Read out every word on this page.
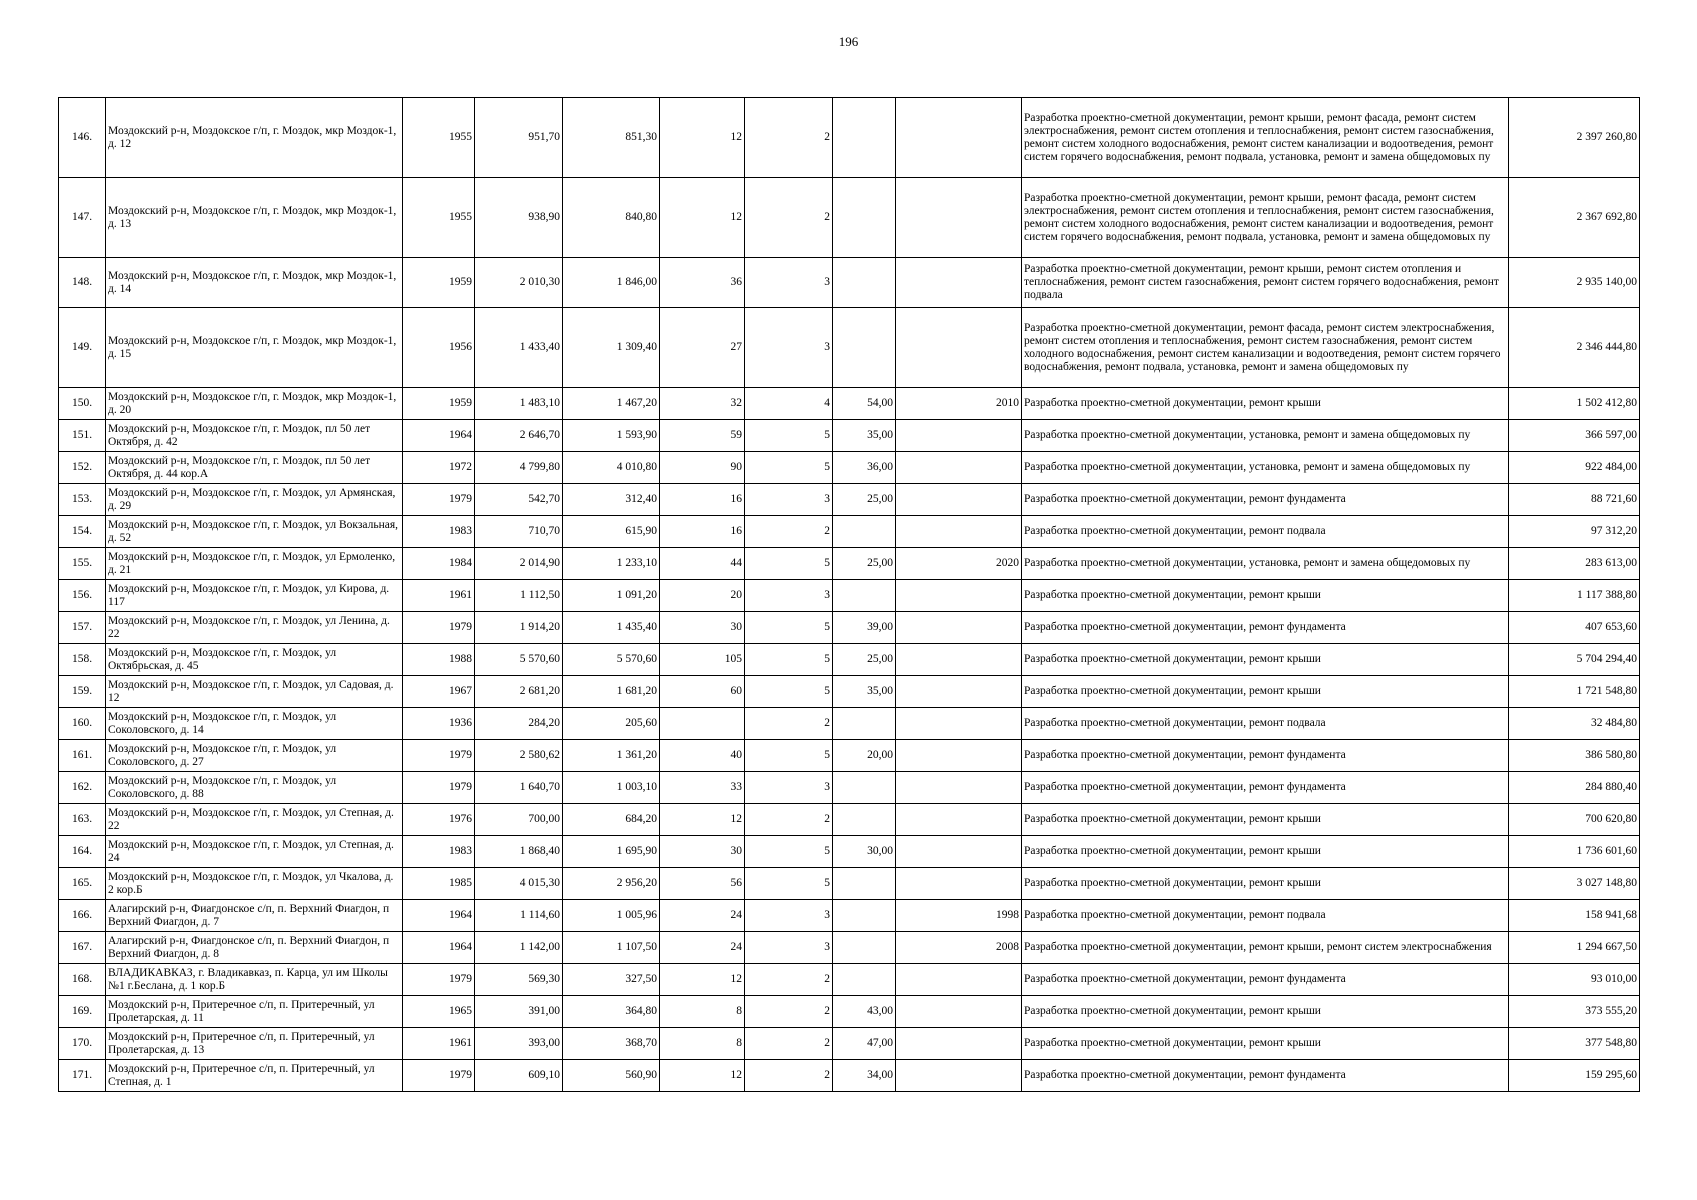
196
146.	Моздокский р-н, Моздокское г/п, г. Моздок, мкр Моздок-1, д. 12	1955	951,70	851,30	12	2			Разработка проектно-сметной документации, ремонт крыши, ремонт фасада, ремонт систем электроснабжения, ремонт систем отопления и теплоснабжения, ремонт систем газоснабжения, ремонт систем холодного водоснабжения, ремонт систем канализации и водоотведения, ремонт систем горячего водоснабжения, ремонт подвала, установка, ремонт и замена общедомовых пу	2 397 260,80
147.	Моздокский р-н, Моздокское г/п, г. Моздок, мкр Моздок-1, д. 13	1955	938,90	840,80	12	2			Разработка проектно-сметной документации, ремонт крыши, ремонт фасада, ремонт систем электроснабжения, ремонт систем отопления и теплоснабжения, ремонт систем газоснабжения, ремонт систем холодного водоснабжения, ремонт систем канализации и водоотведения, ремонт систем горячего водоснабжения, ремонт подвала, установка, ремонт и замена общедомовых пу	2 367 692,80
148.	Моздокский р-н, Моздокское г/п, г. Моздок, мкр Моздок-1, д. 14	1959	2 010,30	1 846,00	36	3			Разработка проектно-сметной документации, ремонт крыши, ремонт систем отопления и теплоснабжения, ремонт систем газоснабжения, ремонт систем горячего водоснабжения, ремонт подвала	2 935 140,00
149.	Моздокский р-н, Моздокское г/п, г. Моздок, мкр Моздок-1, д. 15	1956	1 433,40	1 309,40	27	3			Разработка проектно-сметной документации, ремонт фасада, ремонт систем электроснабжения, ремонт систем отопления и теплоснабжения, ремонт систем газоснабжения, ремонт систем холодного водоснабжения, ремонт систем канализации и водоотведения, ремонт систем горячего водоснабжения, ремонт подвала, установка, ремонт и замена общедомовых пу	2 346 444,80
150.	Моздокский р-н, Моздокское г/п, г. Моздок, мкр Моздок-1, д. 20	1959	1 483,10	1 467,20	32	4	54,00	2010	Разработка проектно-сметной документации, ремонт крыши	1 502 412,80
151.	Моздокский р-н, Моздокское г/п, г. Моздок, пл 50 лет Октября, д. 42	1964	2 646,70	1 593,90	59	5	35,00		Разработка проектно-сметной документации, установка, ремонт и замена общедомовых пу	366 597,00
152.	Моздокский р-н, Моздокское г/п, г. Моздок, пл 50 лет Октября, д. 44 кор.А	1972	4 799,80	4 010,80	90	5	36,00		Разработка проектно-сметной документации, установка, ремонт и замена общедомовых пу	922 484,00
153.	Моздокский р-н, Моздокское г/п, г. Моздок, ул Армянская, д. 29	1979	542,70	312,40	16	3	25,00		Разработка проектно-сметной документации, ремонт фундамента	88 721,60
154.	Моздокский р-н, Моздокское г/п, г. Моздок, ул Вокзальная, д. 52	1983	710,70	615,90	16	2			Разработка проектно-сметной документации, ремонт подвала	97 312,20
155.	Моздокский р-н, Моздокское г/п, г. Моздок, ул Ермоленко, д. 21	1984	2 014,90	1 233,10	44	5	25,00	2020	Разработка проектно-сметной документации, установка, ремонт и замена общедомовых пу	283 613,00
156.	Моздокский р-н, Моздокское г/п, г. Моздок, ул Кирова, д. 117	1961	1 112,50	1 091,20	20	3			Разработка проектно-сметной документации, ремонт крыши	1 117 388,80
157.	Моздокский р-н, Моздокское г/п, г. Моздок, ул Ленина, д. 22	1979	1 914,20	1 435,40	30	5	39,00		Разработка проектно-сметной документации, ремонт фундамента	407 653,60
158.	Моздокский р-н, Моздокское г/п, г. Моздок, ул Октябрьская, д. 45	1988	5 570,60	5 570,60	105	5	25,00		Разработка проектно-сметной документации, ремонт крыши	5 704 294,40
159.	Моздокский р-н, Моздокское г/п, г. Моздок, ул Садовая, д. 12	1967	2 681,20	1 681,20	60	5	35,00		Разработка проектно-сметной документации, ремонт крыши	1 721 548,80
160.	Моздокский р-н, Моздокское г/п, г. Моздок, ул Соколовского, д. 14	1936	284,20	205,60		2			Разработка проектно-сметной документации, ремонт подвала	32 484,80
161.	Моздокский р-н, Моздокское г/п, г. Моздок, ул Соколовского, д. 27	1979	2 580,62	1 361,20	40	5	20,00		Разработка проектно-сметной документации, ремонт фундамента	386 580,80
162.	Моздокский р-н, Моздокское г/п, г. Моздок, ул Соколовского, д. 88	1979	1 640,70	1 003,10	33	3			Разработка проектно-сметной документации, ремонт фундамента	284 880,40
163.	Моздокский р-н, Моздокское г/п, г. Моздок, ул Степная, д. 22	1976	700,00	684,20	12	2			Разработка проектно-сметной документации, ремонт крыши	700 620,80
164.	Моздокский р-н, Моздокское г/п, г. Моздок, ул Степная, д. 24	1983	1 868,40	1 695,90	30	5	30,00		Разработка проектно-сметной документации, ремонт крыши	1 736 601,60
165.	Моздокский р-н, Моздокское г/п, г. Моздок, ул Чкалова, д. 2 кор.Б	1985	4 015,30	2 956,20	56	5			Разработка проектно-сметной документации, ремонт крыши	3 027 148,80
166.	Алагирский р-н, Фиагдонское с/п, п. Верхний Фиагдон, п Верхний Фиагдон, д. 7	1964	1 114,60	1 005,96	24	3		1998	Разработка проектно-сметной документации, ремонт подвала	158 941,68
167.	Алагирский р-н, Фиагдонское с/п, п. Верхний Фиагдон, п Верхний Фиагдон, д. 8	1964	1 142,00	1 107,50	24	3		2008	Разработка проектно-сметной документации, ремонт крыши, ремонт систем электроснабжения	1 294 667,50
168.	ВЛАДИКАВКАЗ, г. Владикавказ, п. Карца, ул им Школы №1 г.Беслана, д. 1 кор.Б	1979	569,30	327,50	12	2			Разработка проектно-сметной документации, ремонт фундамента	93 010,00
169.	Моздокский р-н, Притеречное с/п, п. Притеречный, ул Пролетарская, д. 11	1965	391,00	364,80	8	2	43,00		Разработка проектно-сметной документации, ремонт крыши	373 555,20
170.	Моздокский р-н, Притеречное с/п, п. Притеречный, ул Пролетарская, д. 13	1961	393,00	368,70	8	2	47,00		Разработка проектно-сметной документации, ремонт крыши	377 548,80
171.	Моздокский р-н, Притеречное с/п, п. Притеречный, ул Степная, д. 1	1979	609,10	560,90	12	2	34,00		Разработка проектно-сметной документации, ремонт фундамента	159 295,60
